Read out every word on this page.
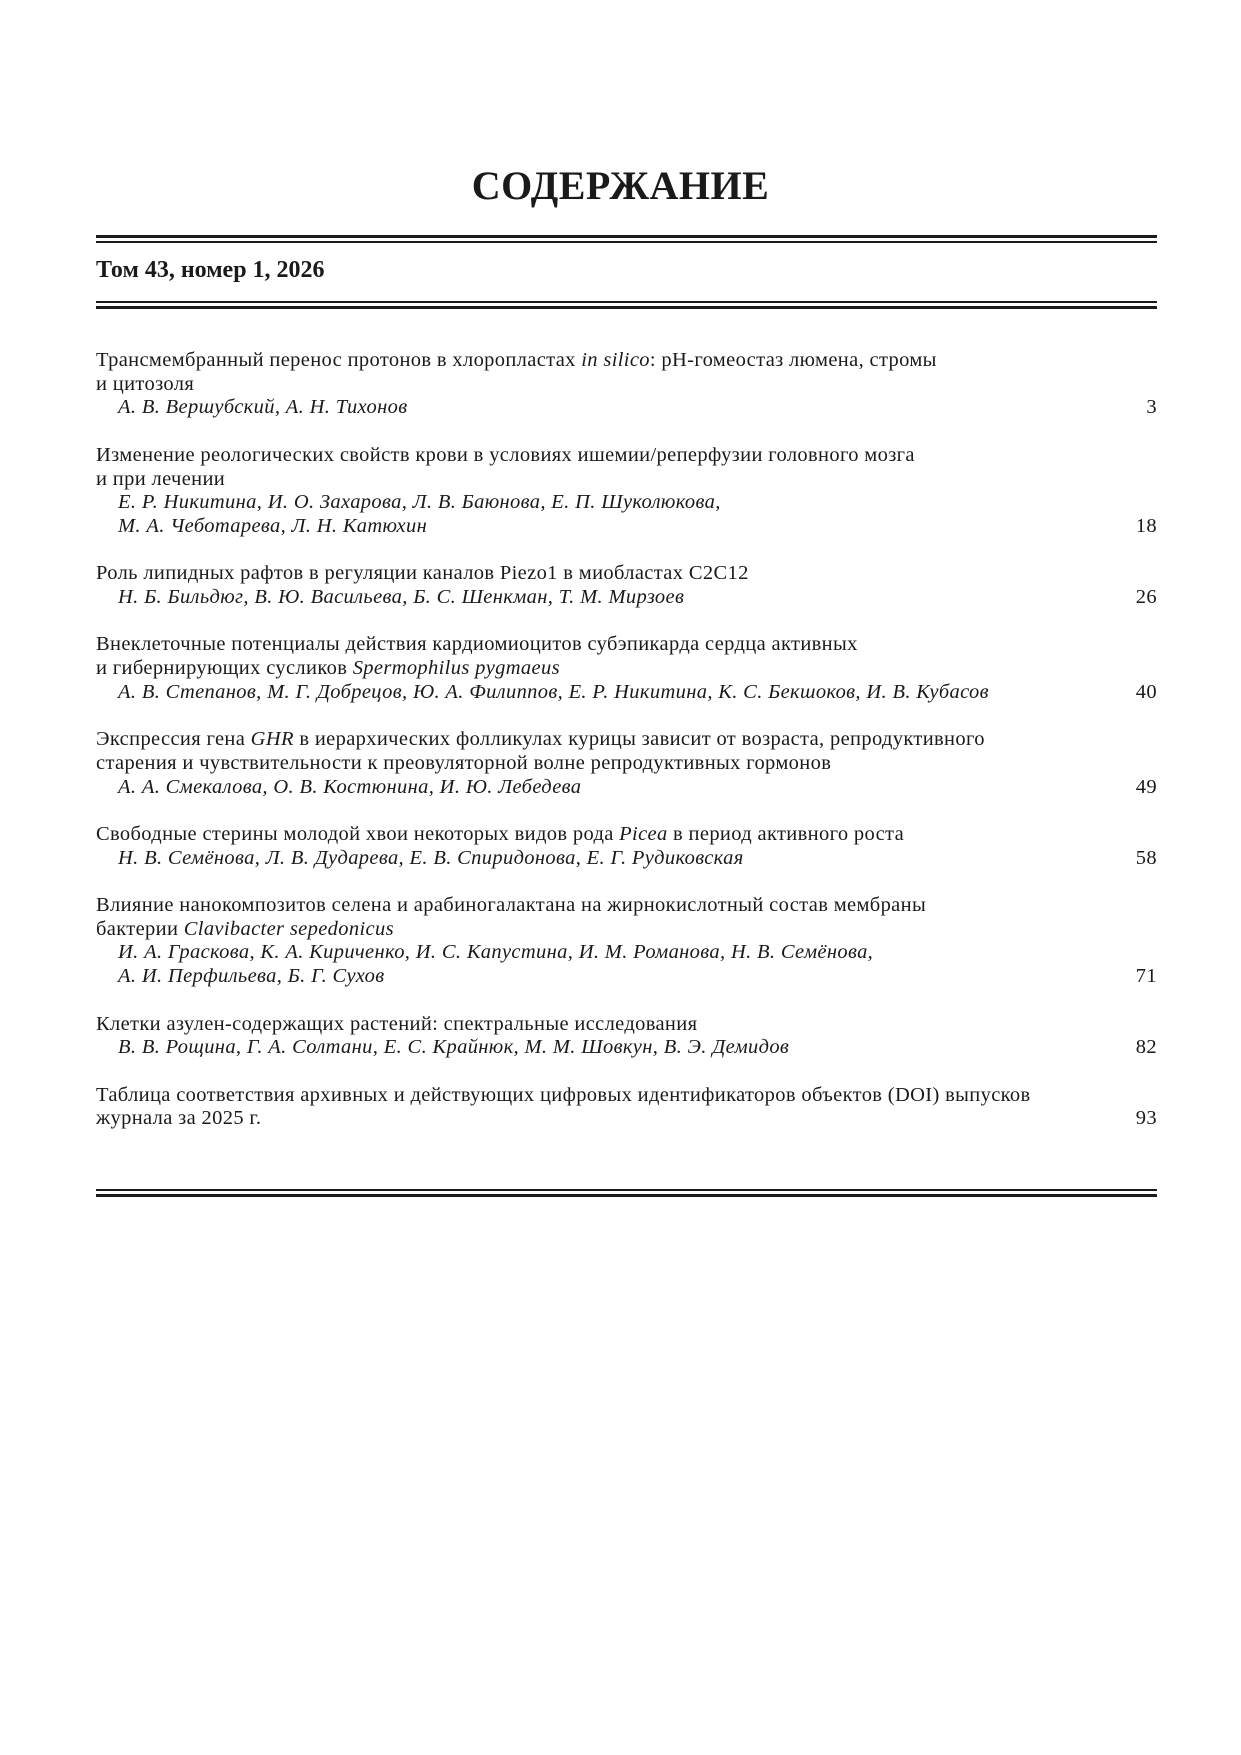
СОДЕРЖАНИЕ
Том 43, номер 1, 2026
Трансмембранный перенос протонов в хлоропластах in silico: pH-гомеостаз люмена, стромы
и цитозоля
А. В. Вершубский, А. Н. Тихонов	3
Изменение реологических свойств крови в условиях ишемии/реперфузии головного мозга
и при лечении
Е. Р. Никитина, И. О. Захарова, Л. В. Баюнова, Е. П. Шуколюкова,
М. А. Чеботарева, Л. Н. Катюхин	18
Роль липидных рафтов в регуляции каналов Piezo1 в миобластах C2C12
Н. Б. Бильдюг, В. Ю. Васильева, Б. С. Шенкман, Т. М. Мирзоев	26
Внеклеточные потенциалы действия кардиомиоцитов субэпикарда сердца активных
и гибернирующих сусликов Spermophilus pygmaeus
А. В. Степанов, М. Г. Добрецов, Ю. А. Филиппов, Е. Р. Никитина, К. С. Бекшоков, И. В. Кубасов	40
Экспрессия гена GHR в иерархических фолликулах курицы зависит от возраста, репродуктивного
старения и чувствительности к преовуляторной волне репродуктивных гормонов
А. А. Смекалова, О. В. Костюнина, И. Ю. Лебедева	49
Свободные стерины молодой хвои некоторых видов рода Picea в период активного роста
Н. В. Семёнова, Л. В. Дударева, Е. В. Спиридонова, Е. Г. Рудиковская	58
Влияние нанокомпозитов селена и арабиногалактана на жирнокислотный состав мембраны
бактерии Clavibacter sepedonicus
И. А. Граскова, К. А. Кириченко, И. С. Капустина, И. М. Романова, Н. В. Семёнова,
А. И. Перфильева, Б. Г. Сухов	71
Клетки азулен-содержащих растений: спектральные исследования
В. В. Рощина, Г. А. Солтани, Е. С. Крайнюк, М. М. Шовкун, В. Э. Демидов	82
Таблица соответствия архивных и действующих цифровых идентификаторов объектов (DOI) выпусков
журнала за 2025 г.	93
